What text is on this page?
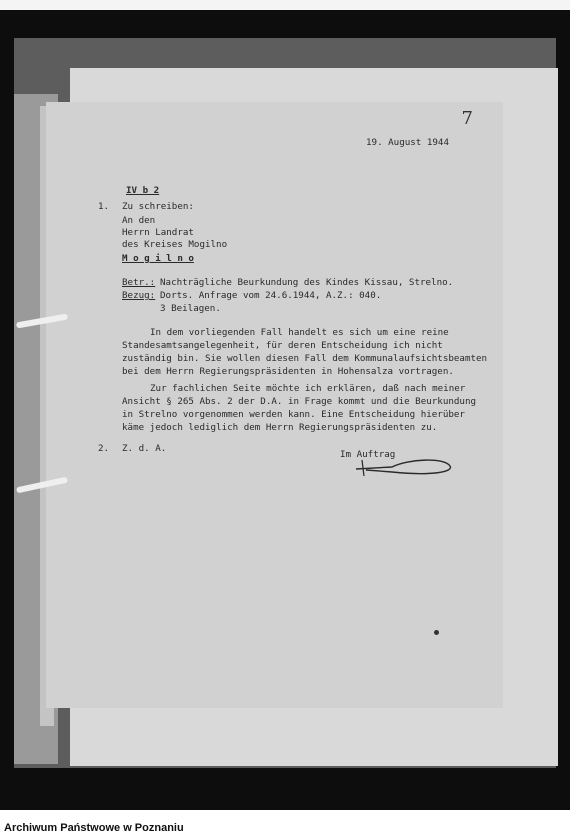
7
19. August 1944
IV b 2
1. Zu schreiben:
An den
Herrn Landrat
des Kreises Mogilno
M o g i l n o
Betr.: Nachträgliche Beurkundung des Kindes Kissau, Strelno.
Bezug: Dorts. Anfrage vom 24.6.1944, A.Z.: 040.
3 Beilagen.
In dem vorliegenden Fall handelt es sich um eine reine
Standesamtsangelegenheit, für deren Entscheidung ich nicht
zuständig bin. Sie wollen diesen Fall dem Kommunalaufsichtsbeamten
bei dem Herrn Regierungspräsidenten in Hohensalza vortragen.
Zur fachlichen Seite möchte ich erklären, daß nach meiner
Ansicht § 265 Abs. 2 der D.A. in Frage kommt und die Beurkundung
in Strelno vorgenommen werden kann. Eine Entscheidung hierüber
käme jedoch lediglich dem Herrn Regierungspräsidenten zu.
2. Z. d. A.
Im Auftrag
Archiwum Państwowe w Poznaniu
